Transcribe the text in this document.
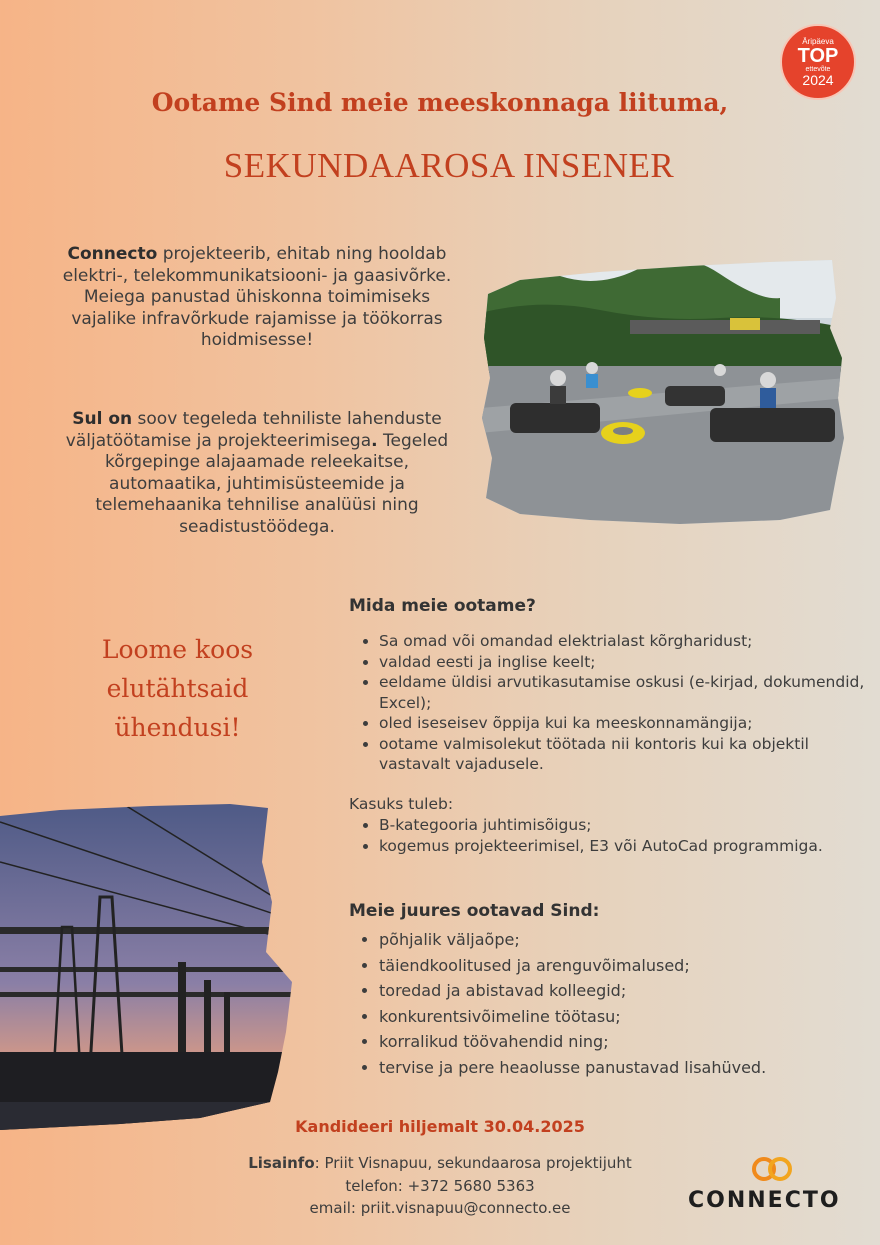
Äripäeva
TOP
ettevõte
2024
Ootame Sind meie meeskonnaga liituma,
SEKUNDAAROSA INSENER
Connecto projekteerib, ehitab ning hooldab elektri-, telekommunikatsiooni- ja gaasivõrke. Meiega panustad ühiskonna toimimiseks vajalike infravõrkude rajamisse ja töökorras hoidmisesse!
Sul on soov tegeleda tehniliste lahenduste väljatöötamise ja projekteerimisega. Tegeled kõrgepinge alajaamade releekaitse, automaatika, juhtimisüsteemide ja telemehaanika tehnilise analüüsi ning seadistustöödega.
Loome koos elutähtsaid ühendusi!
Mida meie ootame?
• Sa omad või omandad elektrialast kõrgharidust;
• valdad eesti ja inglise keelt;
• eeldame üldisi arvutikasutamise oskusi (e-kirjad, dokumendid, Excel);
• oled iseseisev õppija kui ka meeskonnamängija;
• ootame valmisolekut töötada nii kontoris kui ka objektil vastavalt vajadusele.
Kasuks tuleb:
• B-kategooria juhtimisõigus;
• kogemus projekteerimisel, E3 või AutoCad programmiga.
Meie juures ootavad Sind:
• põhjalik väljaõpe;
• täiendkoolitused ja arenguvõimalused;
• toredad ja abistavad kolleegid;
• konkurentsivõimeline töötasu;
• korralikud töövahendid ning;
• tervise ja pere heaolusse panustavad lisahüved.
Kandideeri hiljemalt 30.04.2025
Lisainfo: Priit Visnapuu, sekundaarosa projektijuht
telefon: +372 5680 5363
email: priit.visnapuu@connecto.ee	CONNECTO
